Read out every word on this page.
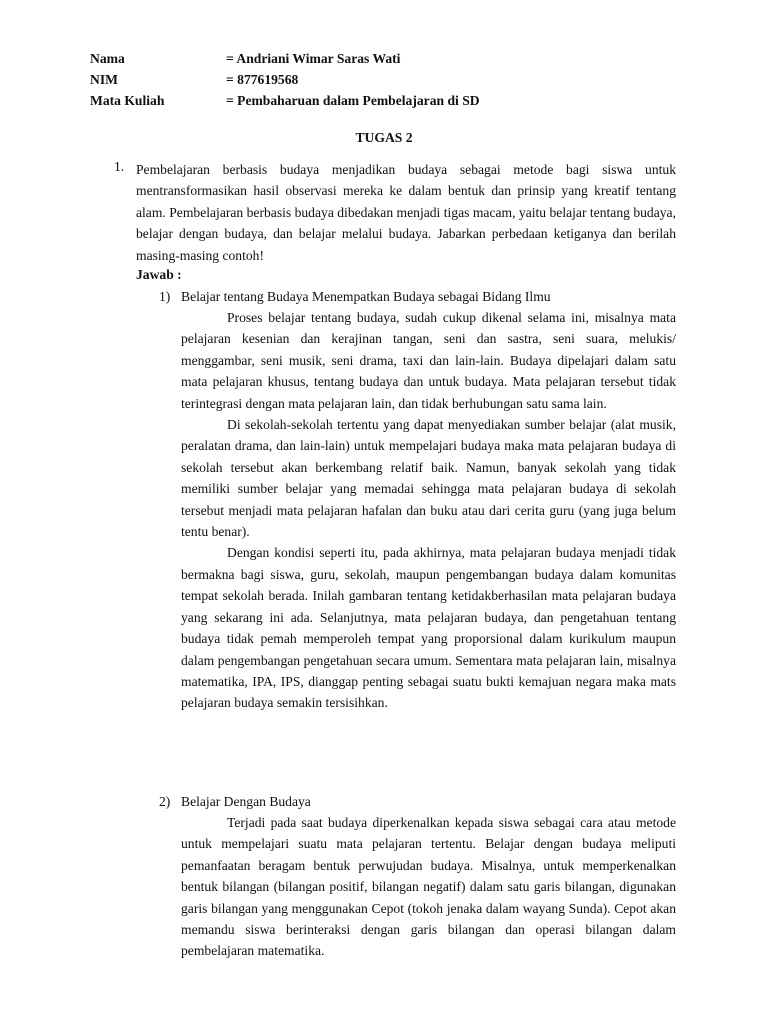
Nama	= Andriani Wimar Saras Wati
NIM	= 877619568
Mata Kuliah	= Pembaharuan dalam Pembelajaran di SD
TUGAS 2
1. Pembelajaran berbasis budaya menjadikan budaya sebagai metode bagi siswa untuk mentransformasikan hasil observasi mereka ke dalam bentuk dan prinsip yang kreatif tentang alam. Pembelajaran berbasis budaya dibedakan menjadi tigas macam, yaitu belajar tentang budaya, belajar dengan budaya, dan belajar melalui budaya. Jabarkan perbedaan ketiganya dan berilah masing-masing contoh!
Jawab :
1) Belajar tentang Budaya Menempatkan Budaya sebagai Bidang Ilmu
Proses belajar tentang budaya, sudah cukup dikenal selama ini, misalnya mata pelajaran kesenian dan kerajinan tangan, seni dan sastra, seni suara, melukis/ menggambar, seni musik, seni drama, taxi dan lain-lain. Budaya dipelajari dalam satu mata pelajaran khusus, tentang budaya dan untuk budaya. Mata pelajaran tersebut tidak terintegrasi dengan mata pelajaran lain, dan tidak berhubungan satu sama lain.
Di sekolah-sekolah tertentu yang dapat menyediakan sumber belajar (alat musik, peralatan drama, dan lain-lain) untuk mempelajari budaya maka mata pelajaran budaya di sekolah tersebut akan berkembang relatif baik. Namun, banyak sekolah yang tidak memiliki sumber belajar yang memadai sehingga mata pelajaran budaya di sekolah tersebut menjadi mata pelajaran hafalan dan buku atau dari cerita guru (yang juga belum tentu benar).
Dengan kondisi seperti itu, pada akhirnya, mata pelajaran budaya menjadi tidak bermakna bagi siswa, guru, sekolah, maupun pengembangan budaya dalam komunitas tempat sekolah berada. Inilah gambaran tentang ketidakberhasilan mata pelajaran budaya yang sekarang ini ada. Selanjutnya, mata pelajaran budaya, dan pengetahuan tentang budaya tidak pemah memperoleh tempat yang proporsional dalam kurikulum maupun dalam pengembangan pengetahuan secara umum. Sementara mata pelajaran lain, misalnya matematika, IPA, IPS, dianggap penting sebagai suatu bukti kemajuan negara maka mats pelajaran budaya semakin tersisihkan.
2) Belajar Dengan Budaya
Terjadi pada saat budaya diperkenalkan kepada siswa sebagai cara atau metode untuk mempelajari suatu mata pelajaran tertentu. Belajar dengan budaya meliputi pemanfaatan beragam bentuk perwujudan budaya. Misalnya, untuk memperkenalkan bentuk bilangan (bilangan positif, bilangan negatif) dalam satu garis bilangan, digunakan garis bilangan yang menggunakan Cepot (tokoh jenaka dalam wayang Sunda). Cepot akan memandu siswa berinteraksi dengan garis bilangan dan operasi bilangan dalam pembelajaran matematika.
